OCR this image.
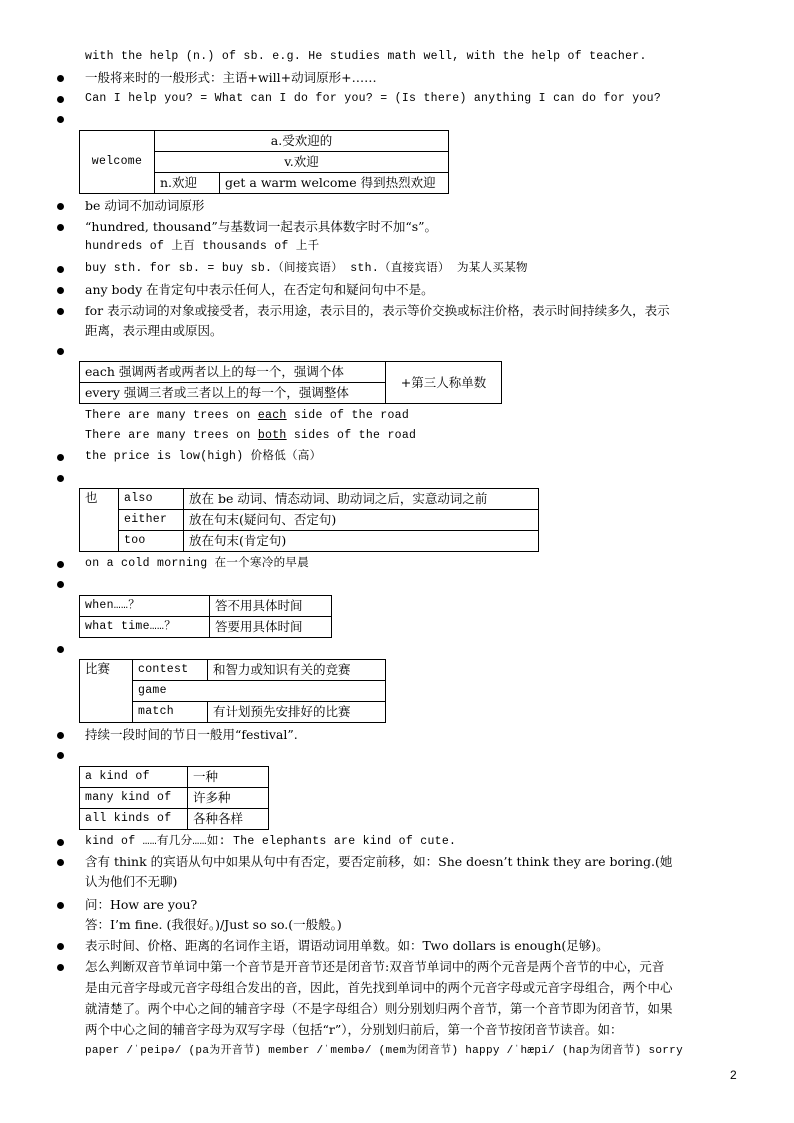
with the help (n.) of sb. e.g. He studies math well, with the help of teacher.
一般将来时的一般形式：主语+will+动词原形+……
Can I help you? = What can I do for you? = (Is there) anything I can do for you?
welcome	a.受欢迎的	
	v.欢迎	
	n.欢迎	get a warm welcome 得到热烈欢迎
be 动词不加动词原形
“hundred, thousand”与基数词一起表示具体数字时不加“s”。
hundreds of 上百 thousands of 上千
buy sth. for sb. = buy sb.（间接宾语） sth.（直接宾语） 为某人买某物
any body 在肯定句中表示任何人，在否定句和疑问句中不是。
for 表示动词的对象或接受者，表示用途，表示目的，表示等价交换或标注价格，表示时间持续多久，表示
距离，表示理由或原因。
each 强调两者或两者以上的每一个，强调个体	+第三人称单数
every 强调三者或三者以上的每一个，强调整体
There are many trees on each side of the road
There are many trees on both sides of the road
the price is low(high) 价格低（高）
也	also	放在 be 动词、情态动词、助动词之后，实意动词之前
	either	放在句末(疑问句、否定句)
	too	放在句末(肯定句)
on a cold morning 在一个寒冷的早晨
when……？	答不用具体时间
what time……？	答要用具体时间
比赛	contest	和智力或知识有关的竞赛
	game	
	match	有计划预先安排好的比赛
持续一段时间的节日一般用“festival”.
a kind of	一种
many kind of	许多种
all kinds of	各种各样
kind of ……有几分……如: The elephants are kind of cute.
含有 think 的宾语从句中如果从句中有否定，要否定前移，如：She doesn’t think they are boring.(她
认为他们不无聊)
问：How are you?
答：I’m fine. (我很好。)/Just so so.(一般般。)
表示时间、价格、距离的名词作主语，谓语动词用单数。如：Two dollars is enough(足够)。
怎么判断双音节单词中第一个音节是开音节还是闭音节:双音节单词中的两个元音是两个音节的中心，元音
是由元音字母或元音字母组合发出的音，因此，首先找到单词中的两个元音字母或元音字母组合，两个中心
就清楚了。两个中心之间的辅音字母（不是字母组合）则分别划归两个音节，第一个音节即为闭音节，如果
两个中心之间的辅音字母为双写字母（包括“r”），分别划归前后，第一个音节按闭音节读音。如：
paper /ˈpeipə/ (pa为开音节) member /ˈmembə/ (mem为闭音节) happy /ˈhæpi/ (hap为闭音节) sorry
2
